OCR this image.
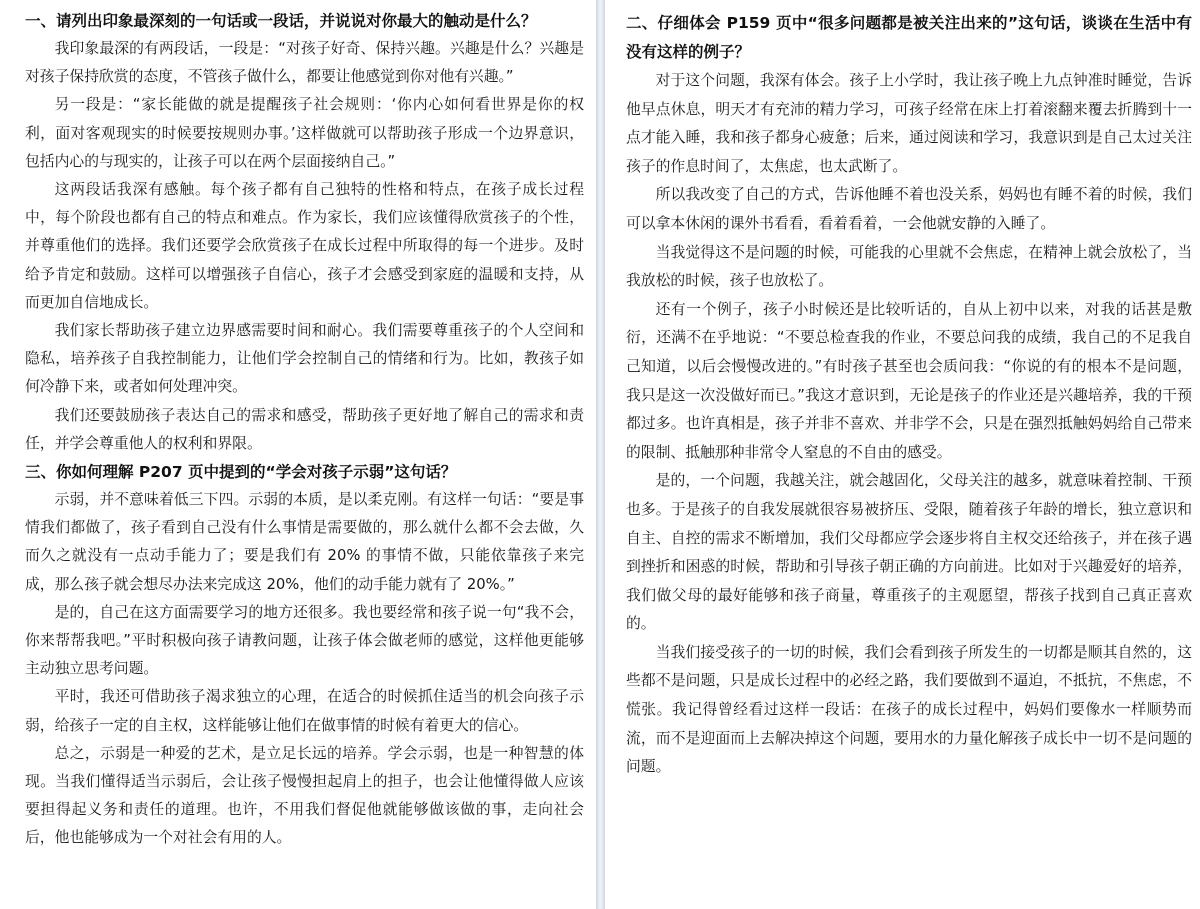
一、请列出印象最深刻的一句话或一段话，并说说对你最大的触动是什么？

我印象最深的有两段话，一段是：“对孩子好奇、保持兴趣。兴趣是什么？兴趣是对孩子保持欣赏的态度，不管孩子做什么，都要让他感觉到你对他有兴趣。”

另一段是：“家长能做的就是提醒孩子社会规则：‘你内心如何看世界是你的权利，面对客观现实的时候要按规则办事。’这样做就可以帮助孩子形成一个边界意识，包括内心的与现实的，让孩子可以在两个层面接纳自己。”

这两段话我深有感触。每个孩子都有自己独特的性格和特点，在孩子成长过程中，每个阶段也都有自己的特点和难点。作为家长，我们应该懂得欣赏孩子的个性，并尊重他们的选择。我们还要学会欣赏孩子在成长过程中所取得的每一个进步。及时给予肯定和鼓励。这样可以增强孩子自信心，孩子才会感受到家庭的温暖和支持，从而更加自信地成长。

我们家长帮助孩子建立边界感需要时间和耐心。我们需要尊重孩子的个人空间和隐私，培养孩子自我控制能力，让他们学会控制自己的情绪和行为。比如，教孩子如何冷静下来，或者如何处理冲突。

我们还要鼓励孩子表达自己的需求和感受，帮助孩子更好地了解自己的需求和责任，并学会尊重他人的权利和界限。

三、你如何理解 P207 页中提到的“学会对孩子示弱”这句话？

示弱，并不意味着低三下四。示弱的本质，是以柔克刚。有这样一句话：“要是事情我们都做了，孩子看到自己没有什么事情是需要做的，那么就什么都不会去做，久而久之就没有一点动手能力了；要是我们有 20% 的事情不做，只能依靠孩子来完成，那么孩子就会想尽办法来完成这 20%，他们的动手能力就有了 20%。”

是的，自己在这方面需要学习的地方还很多。我也要经常和孩子说一句“我不会，你来帮帮我吧。”平时积极向孩子请教问题，让孩子体会做老师的感觉，这样他更能够主动独立思考问题。

平时，我还可借助孩子渴求独立的心理，在适合的时候抓住适当的机会向孩子示弱，给孩子一定的自主权，这样能够让他们在做事情的时候有着更大的信心。

总之，示弱是一种爱的艺术，是立足长远的培养。学会示弱，也是一种智慧的体现。当我们懂得适当示弱后，会让孩子慢慢担起肩上的担子，也会让他懂得做人应该要担得起义务和责任的道理。也许，不用我们督促他就能够做该做的事，走向社会后，他也能够成为一个对社会有用的人。

二、仔细体会 P159 页中“很多问题都是被关注出来的”这句话，谈谈在生活中有没有这样的例子？

对于这个问题，我深有体会。孩子上小学时，我让孩子晚上九点钟准时睡觉，告诉他早点休息，明天才有充沛的精力学习，可孩子经常在床上打着滚翻来覆去折腾到十一点才能入睡，我和孩子都身心疲惫；后来，通过阅读和学习，我意识到是自己太过关注孩子的作息时间了，太焦虑，也太武断了。

所以我改变了自己的方式，告诉他睡不着也没关系，妈妈也有睡不着的时候，我们可以拿本休闲的课外书看看，看着看着，一会他就安静的入睡了。

当我觉得这不是问题的时候，可能我的心里就不会焦虑，在精神上就会放松了，当我放松的时候，孩子也放松了。

还有一个例子，孩子小时候还是比较听话的，自从上初中以来，对我的话甚是敷衍，还满不在乎地说：“不要总检查我的作业，不要总问我的成绩，我自己的不足我自己知道，以后会慢慢改进的。”有时孩子甚至也会质问我：“你说的有的根本不是问题，我只是这一次没做好而已。”我这才意识到，无论是孩子的作业还是兴趣培养，我的干预都过多。也许真相是，孩子并非不喜欢、并非学不会，只是在强烈抵触妈妈给自己带来的限制、抵触那种非常令人窒息的不自由的感受。

是的，一个问题，我越关注，就会越固化，父母关注的越多，就意味着控制、干预也多。于是孩子的自我发展就很容易被挤压、受限，随着孩子年龄的增长，独立意识和自主、自控的需求不断增加，我们父母都应学会逐步将自主权交还给孩子，并在孩子遇到挫折和困惑的时候，帮助和引导孩子朝正确的方向前进。比如对于兴趣爱好的培养，我们做父母的最好能够和孩子商量，尊重孩子的主观愿望，帮孩子找到自己真正喜欢的。

当我们接受孩子的一切的时候，我们会看到孩子所发生的一切都是顺其自然的，这些都不是问题，只是成长过程中的必经之路，我们要做到不逼迫，不抵抗，不焦虑，不慌张。我记得曾经看过这样一段话：在孩子的成长过程中，妈妈们要像水一样顺势而流，而不是迎面而上去解决掉这个问题，要用水的力量化解孩子成长中一切不是问题的问题。
